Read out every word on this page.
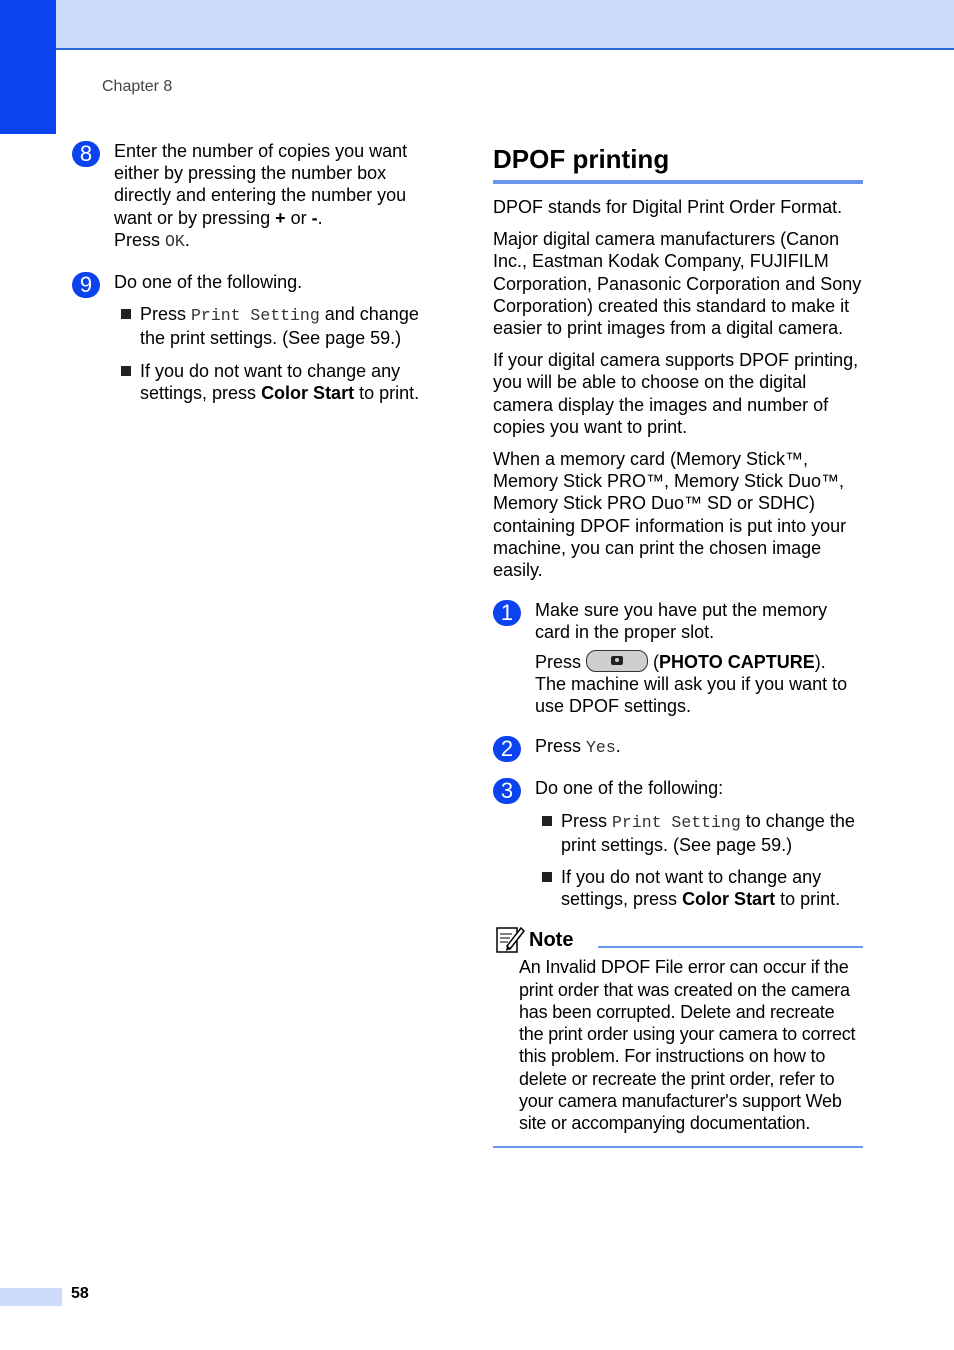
Chapter 8
8	Enter the number of copies you want either by pressing the number box directly and entering the number you want or by pressing + or -.
Press OK.

9	Do one of the following.

Press Print Setting and change the print settings. (See page 59.)
If you do not want to change any settings, press Color Start to print.
DPOF printing

DPOF stands for Digital Print Order Format.

Major digital camera manufacturers (Canon Inc., Eastman Kodak Company, FUJIFILM Corporation, Panasonic Corporation and Sony Corporation) created this standard to make it easier to print images from a digital camera.

If your digital camera supports DPOF printing, you will be able to choose on the digital camera display the images and number of copies you want to print.

When a memory card (Memory Stick™, Memory Stick PRO™, Memory Stick Duo™, Memory Stick PRO Duo™ SD or SDHC) containing DPOF information is put into your machine, you can print the chosen image easily.

1	Make sure you have put the memory card in the proper slot.

Press	(PHOTO CAPTURE).
The machine will ask you if you want to use DPOF settings.

2	Press Yes.

3	Do one of the following:

Press Print Setting to change the print settings. (See page 59.)
If you do not want to change any settings, press Color Start to print.
Note

An Invalid DPOF File error can occur if the print order that was created on the camera has been corrupted. Delete and recreate the print order using your camera to correct this problem. For instructions on how to delete or recreate the print order, refer to your camera manufacturer's support Web site or accompanying documentation.

58
